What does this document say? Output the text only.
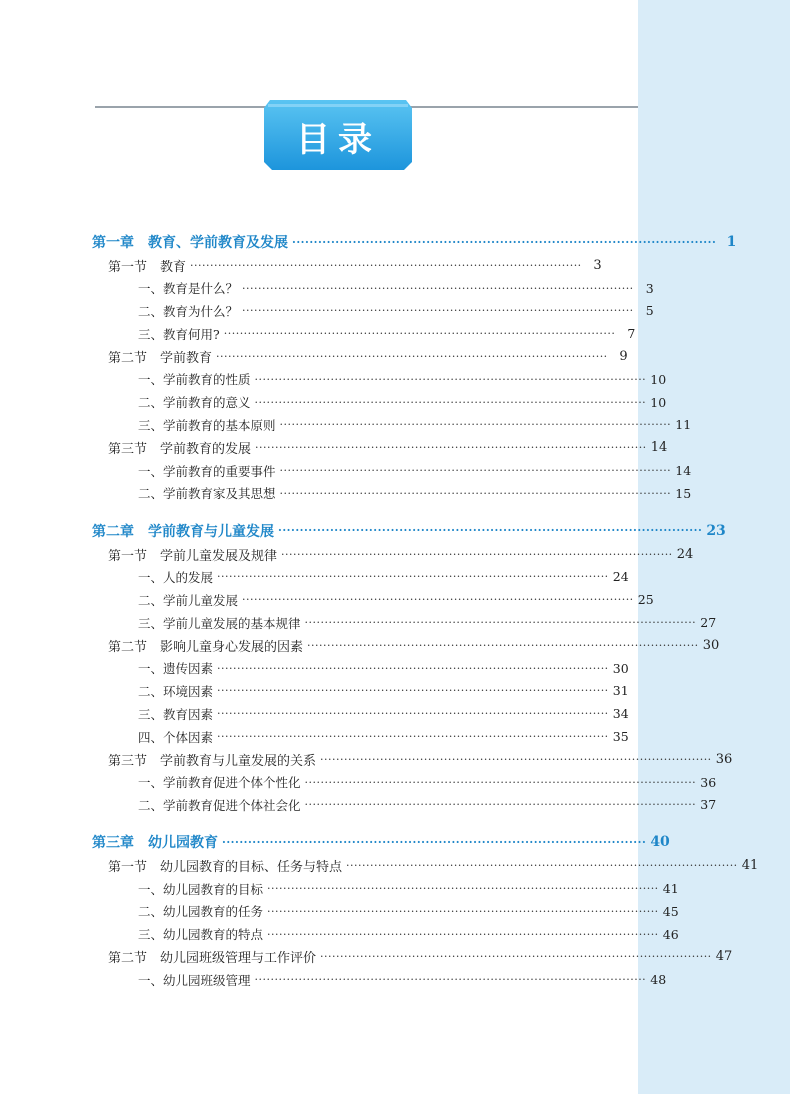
目录
第一章　教育、学前教育及发展 ·································································································· 1
第一节　教育 ·································································································· 3
一、教育是什么？ ·································································································· 3
二、教育为什么？ ·································································································· 5
三、教育何用? ·································································································· 7
第二节　学前教育 ·································································································· 9
一、学前教育的性质 ·································································································· 10
二、学前教育的意义 ·································································································· 10
三、学前教育的基本原则 ·································································································· 11
第三节　学前教育的发展 ·································································································· 14
一、学前教育的重要事件 ·································································································· 14
二、学前教育家及其思想 ·································································································· 15
第二章　学前教育与儿童发展 ·································································································· 23
第一节　学前儿童发展及规律 ·································································································· 24
一、人的发展 ·································································································· 24
二、学前儿童发展 ·································································································· 25
三、学前儿童发展的基本规律 ·································································································· 27
第二节　影响儿童身心发展的因素 ·································································································· 30
一、遗传因素 ·································································································· 30
二、环境因素 ·································································································· 31
三、教育因素 ·································································································· 34
四、个体因素 ·································································································· 35
第三节　学前教育与儿童发展的关系 ·································································································· 36
一、学前教育促进个体个性化 ·································································································· 36
二、学前教育促进个体社会化 ·································································································· 37
第三章　幼儿园教育 ·································································································· 40
第一节　幼儿园教育的目标、任务与特点 ·································································································· 41
一、幼儿园教育的目标 ·································································································· 41
二、幼儿园教育的任务 ·································································································· 45
三、幼儿园教育的特点 ·································································································· 46
第二节　幼儿园班级管理与工作评价 ·································································································· 47
一、幼儿园班级管理 ·································································································· 48
